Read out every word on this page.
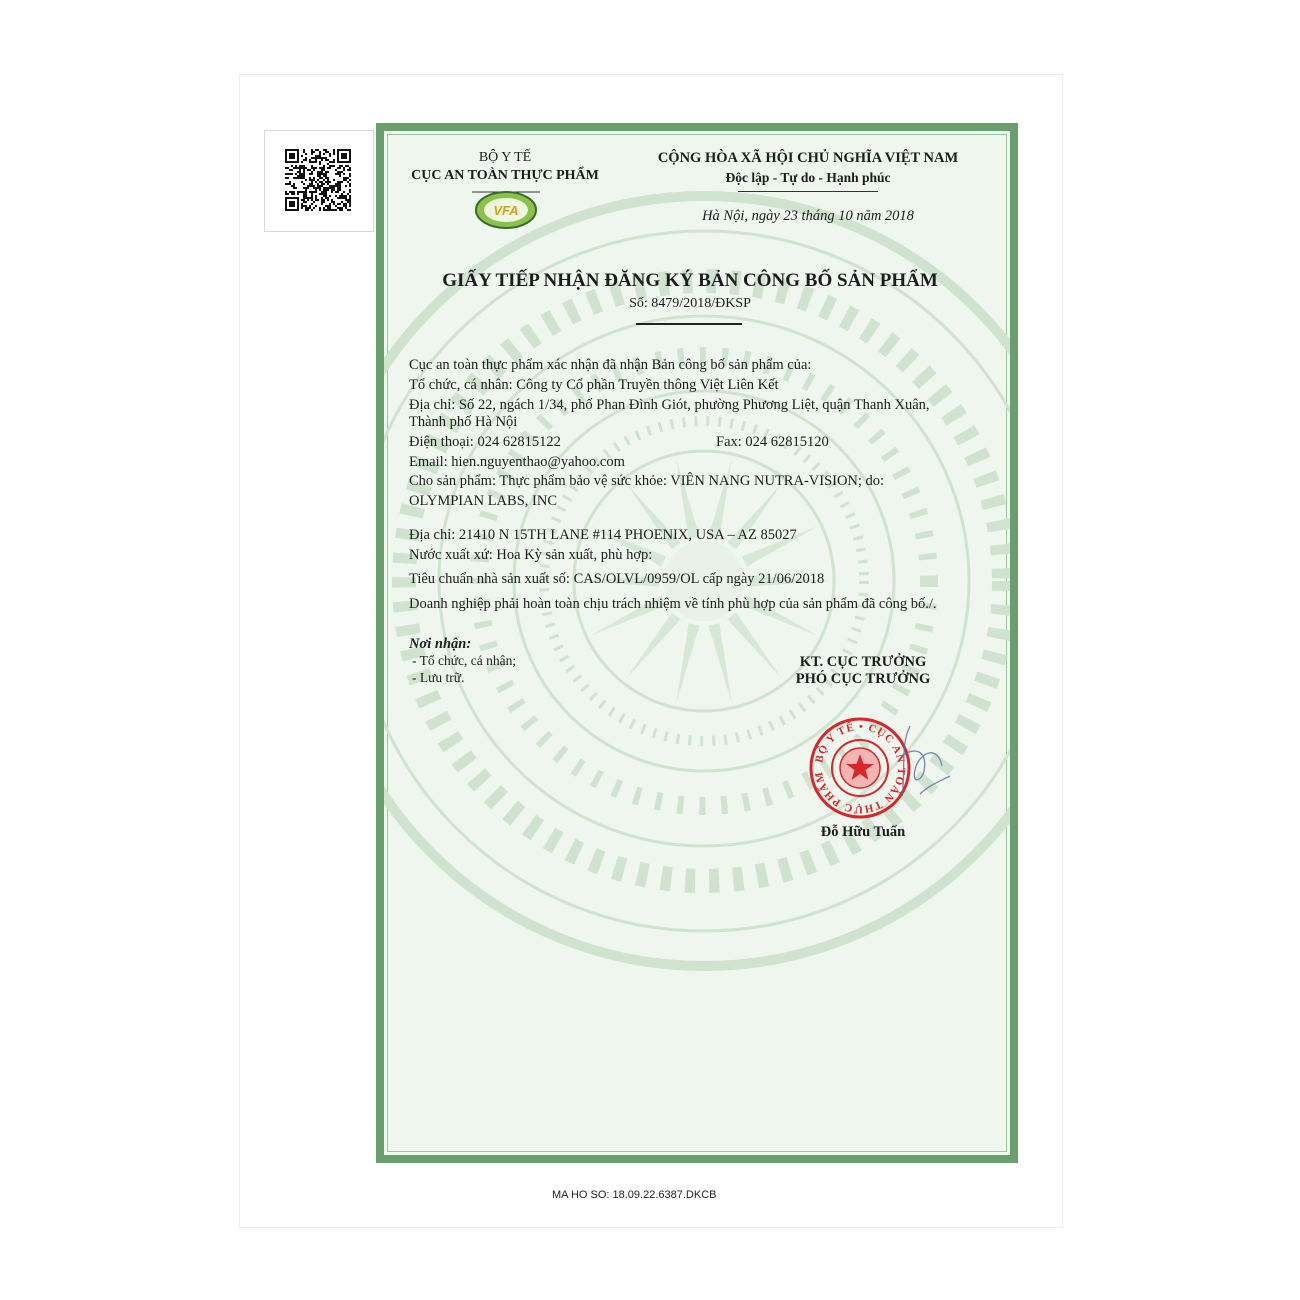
BỘ Y TẾ
CỤC AN TOÀN THỰC PHẨM
VFA
CỘNG HÒA XÃ HỘI CHỦ NGHĨA VIỆT NAM
Độc lập - Tự do - Hạnh phúc
Hà Nội, ngày 23 tháng 10 năm 2018
GIẤY TIẾP NHẬN ĐĂNG KÝ BẢN CÔNG BỐ SẢN PHẨM
Số: 8479/2018/ĐKSP
Cục an toàn thực phẩm xác nhận đã nhận Bản công bố sản phẩm của:
Tổ chức, cá nhân: Công ty Cổ phần Truyền thông Việt Liên Kết
Địa chỉ: Số 22, ngách 1/34, phố Phan Đình Giót, phường Phương Liệt, quận Thanh Xuân,
Thành phố Hà Nội
Điện thoại: 024 62815122	Fax: 024 62815120
Email: hien.nguyenthao@yahoo.com
Cho sản phẩm: Thực phẩm bảo vệ sức khỏe: VIÊN NANG NUTRA-VISION; do:
OLYMPIAN LABS, INC
Địa chỉ: 21410 N 15TH LANE #114 PHOENIX, USA – AZ 85027
Nước xuất xứ: Hoa Kỳ sản xuất, phù hợp:
Tiêu chuẩn nhà sản xuất số: CAS/OLVL/0959/OL cấp ngày 21/06/2018
Doanh nghiệp phải hoàn toàn chịu trách nhiệm về tính phù hợp của sản phẩm đã công bố./.
Nơi nhận:
- Tổ chức, cá nhân;
- Lưu trữ.
KT. CỤC TRƯỞNG
PHÓ CỤC TRƯỞNG
BỘ Y TẾ • CỤC AN TOÀN THỰC PHẨM
Đỗ Hữu Tuấn
MA HO SO: 18.09.22.6387.DKCB
